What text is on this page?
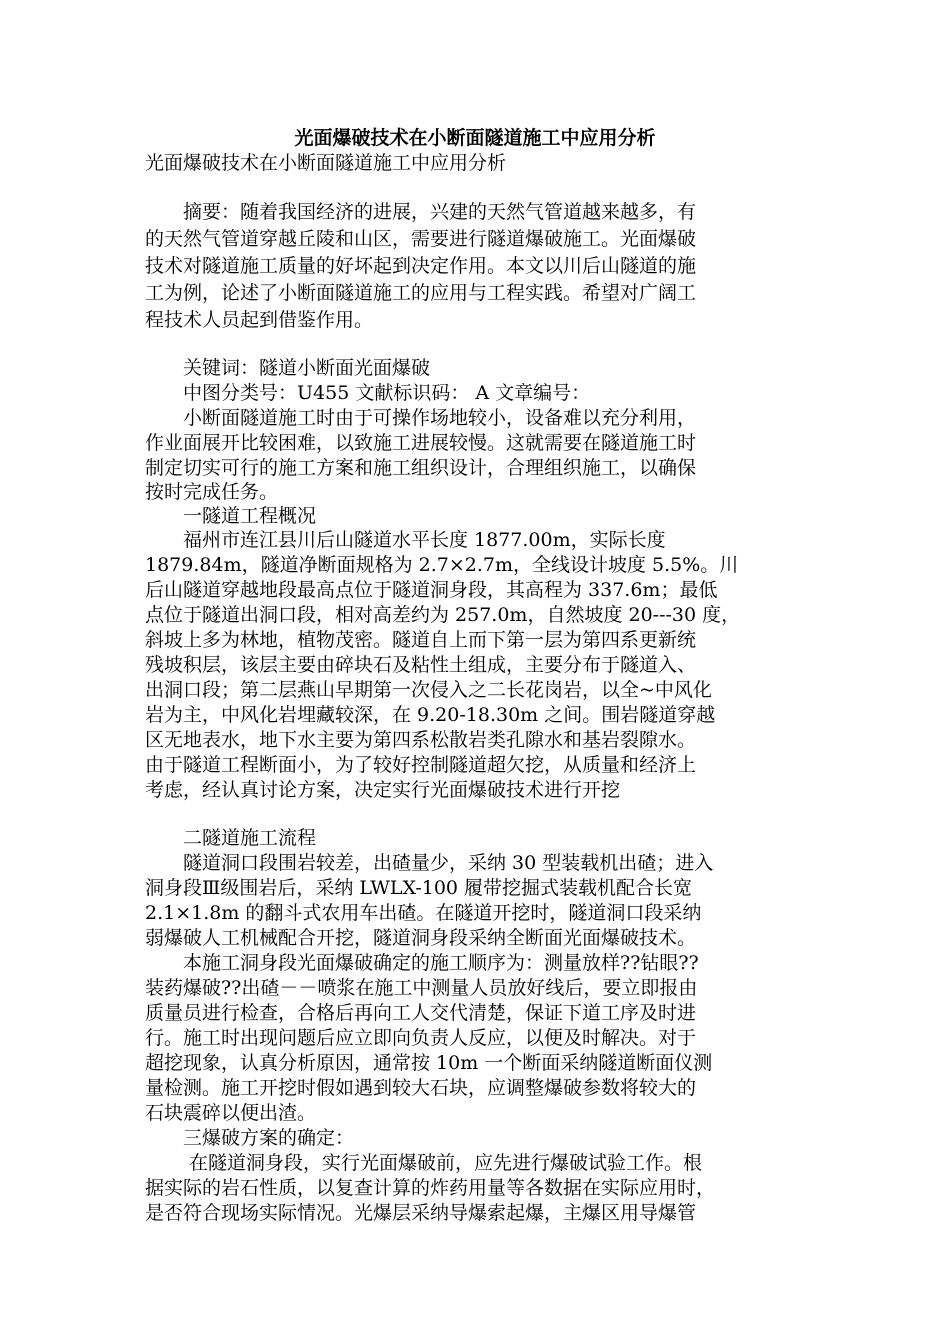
光面爆破技术在小断面隧道施工中应用分析
光面爆破技术在小断面隧道施工中应用分析
　　摘要：随着我国经济的进展，兴建的天然气管道越来越多，有
的天然气管道穿越丘陵和山区，需要进行隧道爆破施工。光面爆破
技术对隧道施工质量的好坏起到决定作用。本文以川后山隧道的施
工为例，论述了小断面隧道施工的应用与工程实践。希望对广阔工
程技术人员起到借鉴作用。
　　关键词：隧道小断面光面爆破
　　中图分类号：U455 文献标识码： A 文章编号：
　　小断面隧道施工时由于可操作场地较小，设备难以充分利用，
作业面展开比较困难，以致施工进展较慢。这就需要在隧道施工时
制定切实可行的施工方案和施工组织设计，合理组织施工，以确保
按时完成任务。
　　一隧道工程概况
　　福州市连江县川后山隧道水平长度 1877.00m，实际长度
1879.84m，隧道净断面规格为 2.7×2.7m，全线设计坡度 5.5%。川
后山隧道穿越地段最高点位于隧道洞身段，其高程为 337.6m；最低
点位于隧道出洞口段，相对高差约为 257.0m，自然坡度 20---30 度，
斜坡上多为林地，植物茂密。隧道自上而下第一层为第四系更新统
残坡积层，该层主要由碎块石及粘性土组成，主要分布于隧道入、
出洞口段；第二层燕山早期第一次侵入之二长花岗岩，以全~中风化
岩为主，中风化岩埋藏较深，在 9.20-18.30m 之间。围岩隧道穿越
区无地表水，地下水主要为第四系松散岩类孔隙水和基岩裂隙水。
由于隧道工程断面小，为了较好控制隧道超欠挖，从质量和经济上
考虑，经认真讨论方案，决定实行光面爆破技术进行开挖
　　二隧道施工流程
　　隧道洞口段围岩较差，出碴量少，采纳 30 型装载机出碴；进入
洞身段Ⅲ级围岩后，采纳 LWLX-100 履带挖掘式装载机配合长宽
2.1×1.8m 的翻斗式农用车出碴。在隧道开挖时，隧道洞口段采纳
弱爆破人工机械配合开挖，隧道洞身段采纳全断面光面爆破技术。
　　本施工洞身段光面爆破确定的施工顺序为：测量放样??钻眼??
装药爆破??出碴－－喷浆在施工中测量人员放好线后，要立即报由
质量员进行检查，合格后再向工人交代清楚，保证下道工序及时进
行。施工时出现问题后应立即向负责人反应，以便及时解决。对于
超挖现象，认真分析原因，通常按 10m 一个断面采纳隧道断面仪测
量检测。施工开挖时假如遇到较大石块，应调整爆破参数将较大的
石块震碎以便出渣。
　　三爆破方案的确定：
　　 在隧道洞身段，实行光面爆破前，应先进行爆破试验工作。根
据实际的岩石性质，以复查计算的炸药用量等各数据在实际应用时，
是否符合现场实际情况。光爆层采纳导爆索起爆，主爆区用导爆管
